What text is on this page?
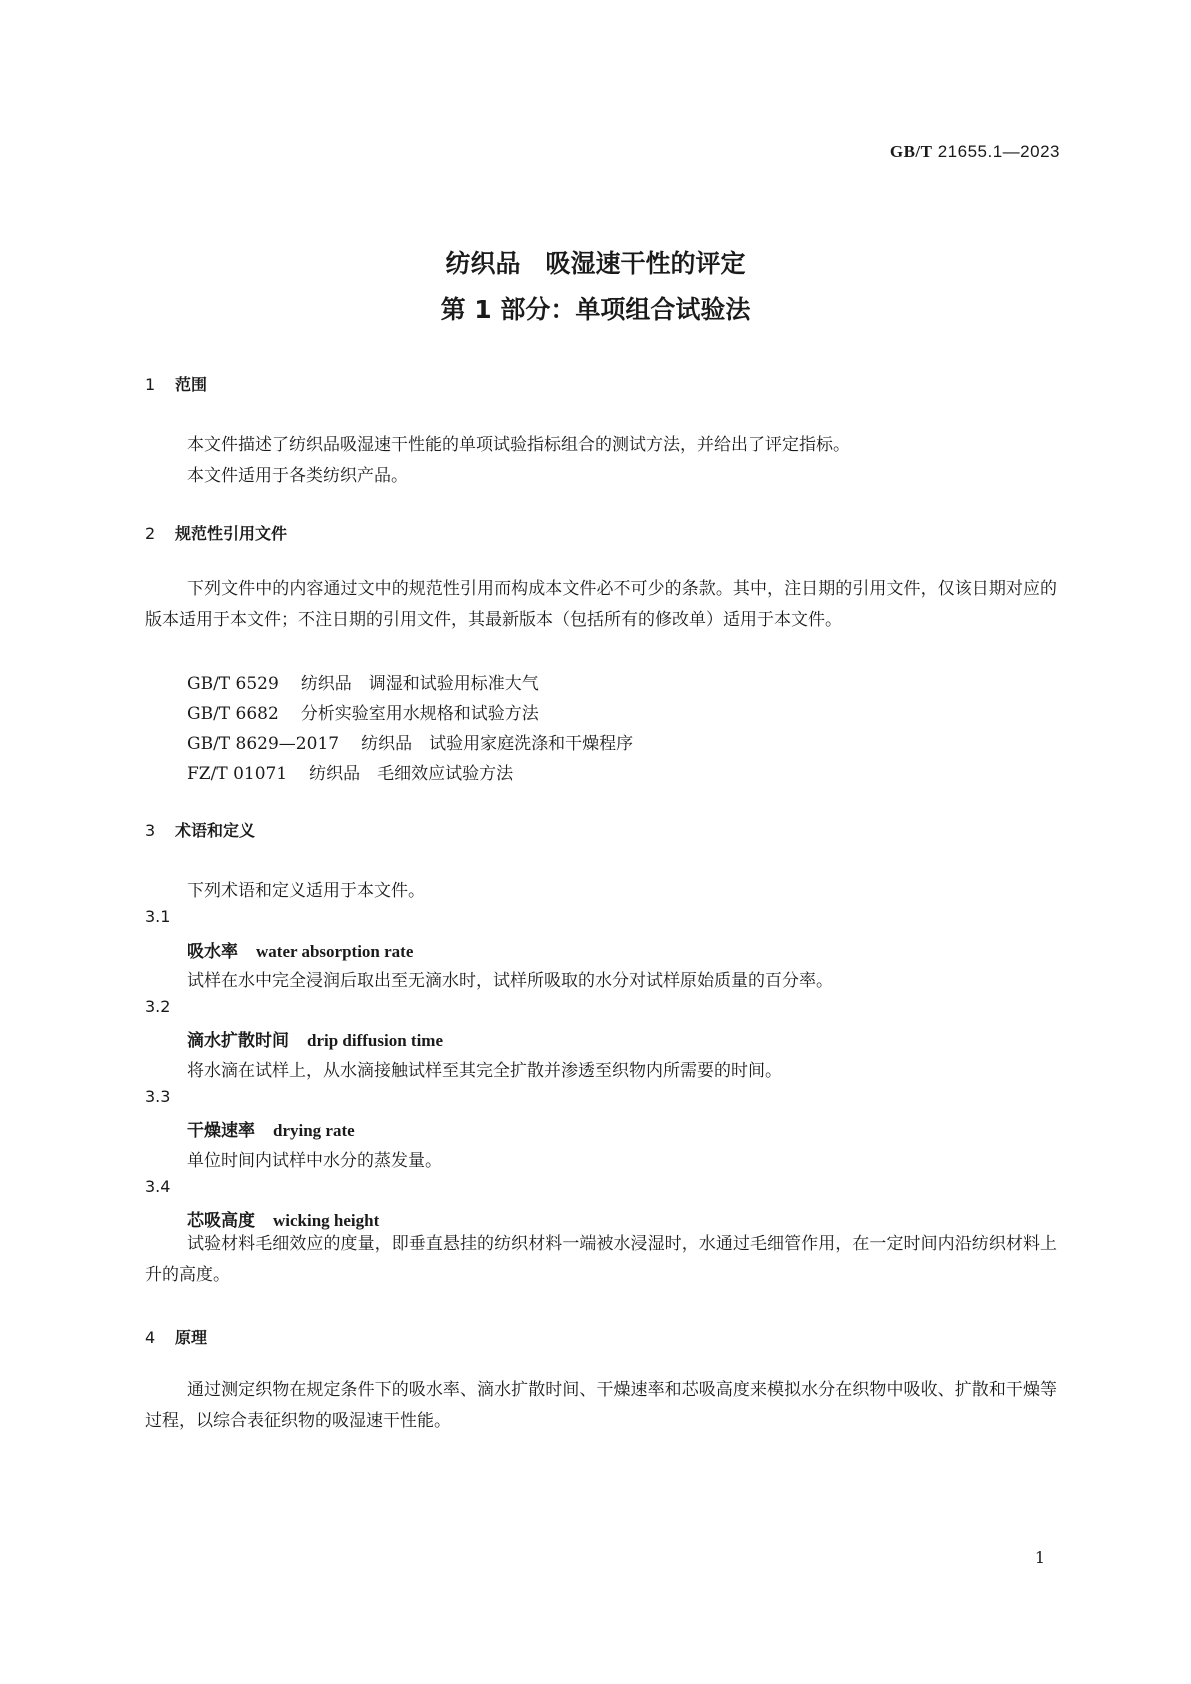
GB/T 21655.1—2023
纺织品　吸湿速干性的评定
第 1 部分：单项组合试验法
1 范围
本文件描述了纺织品吸湿速干性能的单项试验指标组合的测试方法，并给出了评定指标。
本文件适用于各类纺织产品。
2 规范性引用文件
下列文件中的内容通过文中的规范性引用而构成本文件必不可少的条款。其中，注日期的引用文件，仅该日期对应的版本适用于本文件；不注日期的引用文件，其最新版本（包括所有的修改单）适用于本文件。
GB/T 6529 纺织品　调湿和试验用标准大气
GB/T 6682 分析实验室用水规格和试验方法
GB/T 8629—2017 纺织品　试验用家庭洗涤和干燥程序
FZ/T 01071 纺织品　毛细效应试验方法
3 术语和定义
下列术语和定义适用于本文件。
3.1
吸水率 water absorption rate
试样在水中完全浸润后取出至无滴水时，试样所吸取的水分对试样原始质量的百分率。
3.2
滴水扩散时间 drip diffusion time
将水滴在试样上，从水滴接触试样至其完全扩散并渗透至织物内所需要的时间。
3.3
干燥速率 drying rate
单位时间内试样中水分的蒸发量。
3.4
芯吸高度 wicking height
试验材料毛细效应的度量，即垂直悬挂的纺织材料一端被水浸湿时，水通过毛细管作用，在一定时间内沿纺织材料上升的高度。
4 原理
通过测定织物在规定条件下的吸水率、滴水扩散时间、干燥速率和芯吸高度来模拟水分在织物中吸收、扩散和干燥等过程，以综合表征织物的吸湿速干性能。
1
